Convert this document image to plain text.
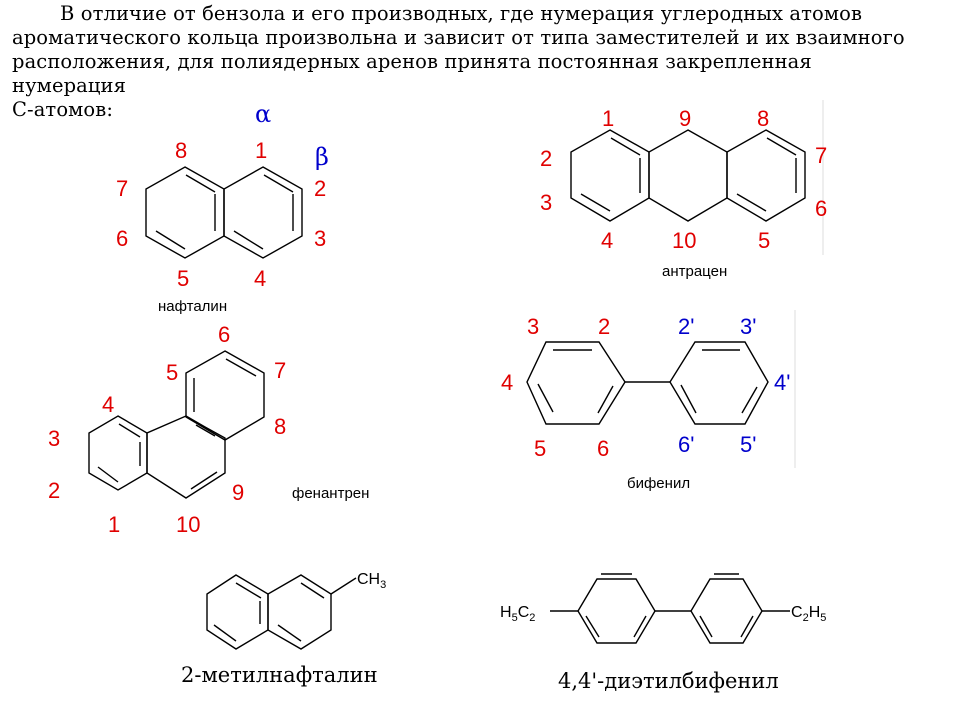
В отличие от бензола и его производных, где нумерация углеродных атомов
ароматического кольца произвольна и зависит от типа заместителей и их взаимного
расположения, для полиядерных аренов принята постоянная закрепленная
нумерация
С-атомов:	α
β
1
2
3
4
5
6
7
8
нафталин
1
2
3
4	5
6
7
8
9
10
антрацен
1
2
3
4
5
6
7
8
9
10
фенантрен
2
3
4
5 6
2' 3'
4'
5'
6'
бифенил
$CH_3$
2-метилнафталин
$H_5C_2$	$C_2H_5$
4,4'-диэтилбифенил
